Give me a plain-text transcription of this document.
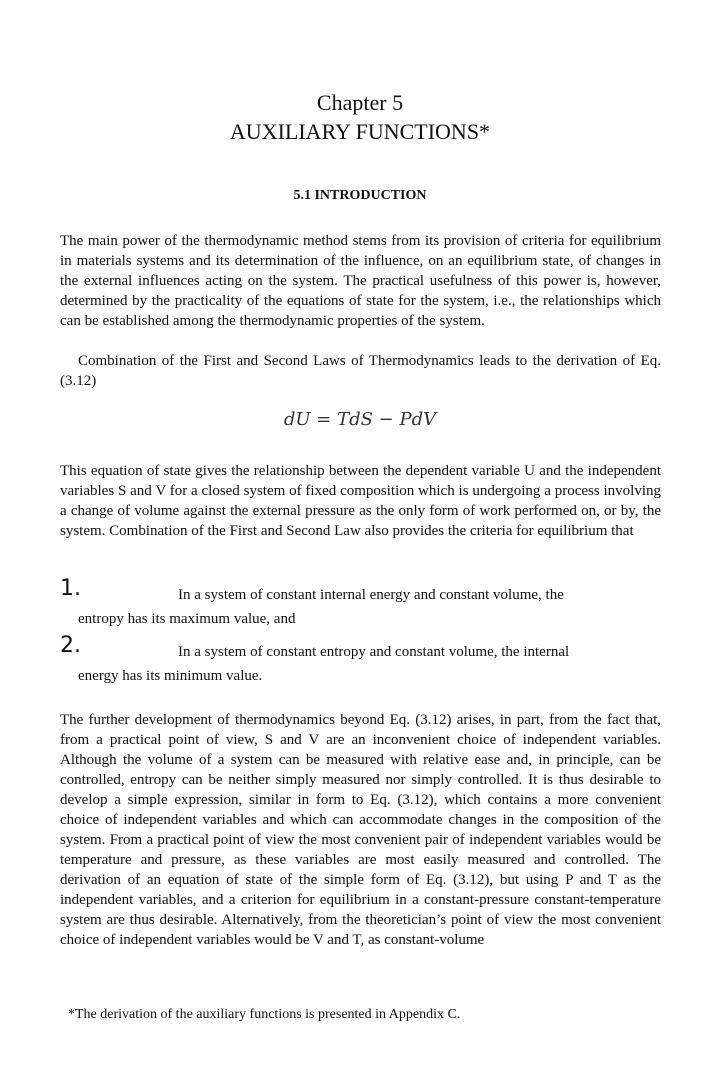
Chapter 5
AUXILIARY FUNCTIONS*
5.1 INTRODUCTION
The main power of the thermodynamic method stems from its provision of criteria for equilibrium in materials systems and its determination of the influence, on an equilibrium state, of changes in the external influences acting on the system. The practical usefulness of this power is, however, determined by the practicality of the equations of state for the system, i.e., the relationships which can be established among the thermodynamic properties of the system.
Combination of the First and Second Laws of Thermodynamics leads to the derivation of Eq. (3.12)
dU = TdS − PdV
This equation of state gives the relationship between the dependent variable U and the independent variables S and V for a closed system of fixed composition which is undergoing a process involving a change of volume against the external pressure as the only form of work performed on, or by, the system. Combination of the First and Second Law also provides the criteria for equilibrium that
1.	In a system of constant internal energy and constant volume, the
entropy has its maximum value, and
2.	In a system of constant entropy and constant volume, the internal
energy has its minimum value.
The further development of thermodynamics beyond Eq. (3.12) arises, in part, from the fact that, from a practical point of view, S and V are an inconvenient choice of independent variables. Although the volume of a system can be measured with relative ease and, in principle, can be controlled, entropy can be neither simply measured nor simply controlled. It is thus desirable to develop a simple expression, similar in form to Eq. (3.12), which contains a more convenient choice of independent variables and which can accommodate changes in the composition of the system. From a practical point of view the most convenient pair of independent variables would be temperature and pressure, as these variables are most easily measured and controlled. The derivation of an equation of state of the simple form of Eq. (3.12), but using P and T as the independent variables, and a criterion for equilibrium in a constant-pressure constant-temperature system are thus desirable. Alternatively, from the theoretician’s point of view the most convenient choice of independent variables would be V and T, as constant-volume
*The derivation of the auxiliary functions is presented in Appendix C.
